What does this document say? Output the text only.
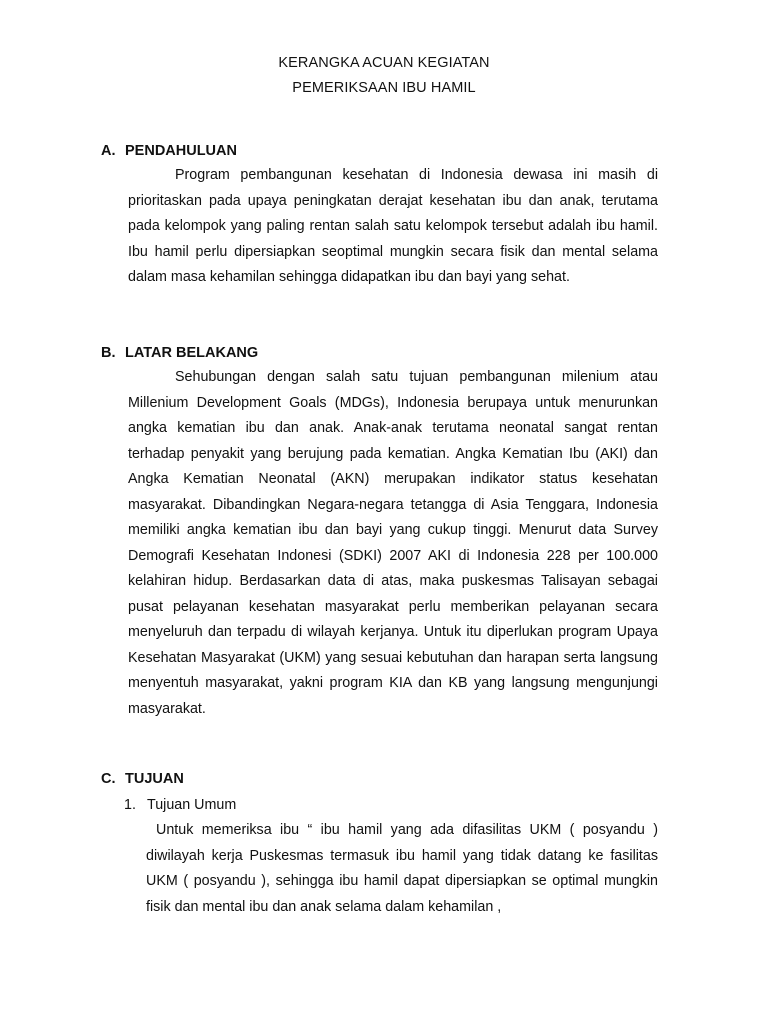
KERANGKA ACUAN KEGIATAN
PEMERIKSAAN IBU HAMIL
A. PENDAHULUAN

Program pembangunan kesehatan di Indonesia dewasa ini masih di prioritaskan pada upaya peningkatan derajat kesehatan ibu dan anak, terutama pada kelompok yang paling rentan salah satu kelompok tersebut adalah ibu hamil. Ibu hamil perlu dipersiapkan seoptimal mungkin secara fisik dan mental selama dalam masa kehamilan sehingga didapatkan ibu dan bayi yang sehat.

B. LATAR BELAKANG

Sehubungan dengan salah satu tujuan pembangunan milenium atau Millenium Development Goals (MDGs), Indonesia berupaya untuk menurunkan angka kematian ibu dan anak. Anak-anak terutama neonatal sangat rentan terhadap penyakit yang berujung pada kematian. Angka Kematian Ibu (AKI) dan Angka Kematian Neonatal (AKN) merupakan indikator status kesehatan masyarakat. Dibandingkan Negara-negara tetangga di Asia Tenggara, Indonesia memiliki angka kematian ibu dan bayi yang cukup tinggi. Menurut data Survey Demografi Kesehatan Indonesi (SDKI) 2007 AKI di Indonesia 228 per 100.000 kelahiran hidup. Berdasarkan data di atas, maka puskesmas Talisayan sebagai pusat pelayanan kesehatan masyarakat perlu memberikan pelayanan secara menyeluruh dan terpadu di wilayah kerjanya. Untuk itu diperlukan program Upaya Kesehatan Masyarakat (UKM) yang sesuai kebutuhan dan harapan serta langsung menyentuh masyarakat, yakni program KIA dan KB yang langsung mengunjungi masyarakat.

C. TUJUAN
1. Tujuan Umum

Untuk memeriksa ibu “ ibu hamil yang ada difasilitas UKM ( posyandu ) diwilayah kerja Puskesmas termasuk ibu hamil yang tidak datang ke fasilitas UKM ( posyandu ), sehingga ibu hamil dapat dipersiapkan se optimal mungkin fisik dan mental ibu dan anak selama dalam kehamilan ,
